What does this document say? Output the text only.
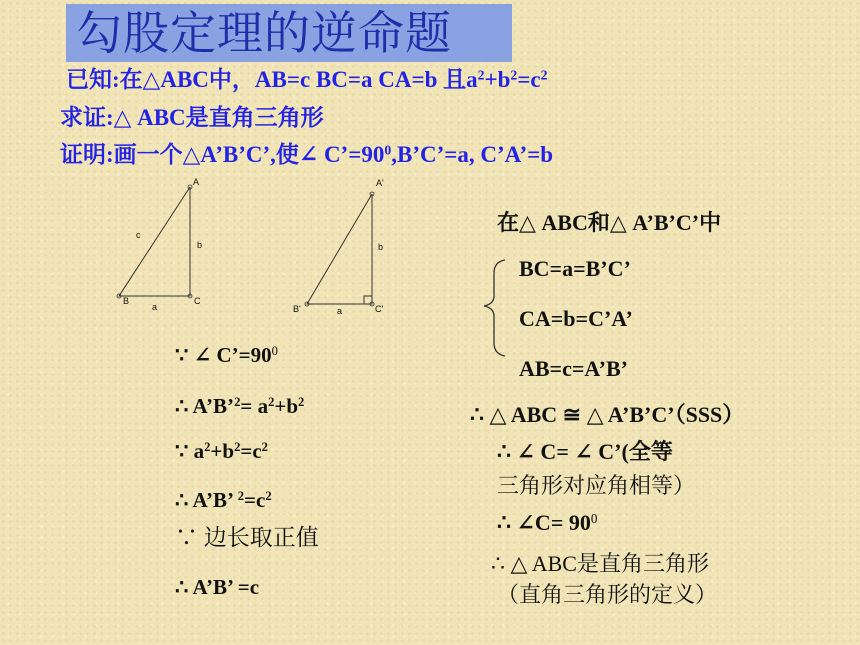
勾股定理的逆命题
已知:在△ABC中，AB=c BC=a CA=b 且$a^2+b^2=c^2$
求证:△ ABC是直角三角形
证明:画一个△A’B’C’,使∠ $C’=90^0,B’C’=a$, C’A’=b
A
B	C
a
b
c
A'
B'	C'
a
b
∵ ∠ $C’=90^0$
∴ A’B’$^2$= $a^2+b^2$
∵ $a^2+b^2=c^2$
∴ A’B’ $^2=c^2$
∵ 边长取正值
∴ A’B’ =c
在△ ABC和△ A’B’C’中
BC=a=B’C’
CA=b=C’A’
AB=c=A’B’
∴ △ ABC ≅ △ A’B’C’（SSS）
∴ ∠ C= ∠ C’(全等
三角形对应角相等）
∴ ∠C= $90^0$
∴ △ ABC是直角三角形
（直角三角形的定义）
